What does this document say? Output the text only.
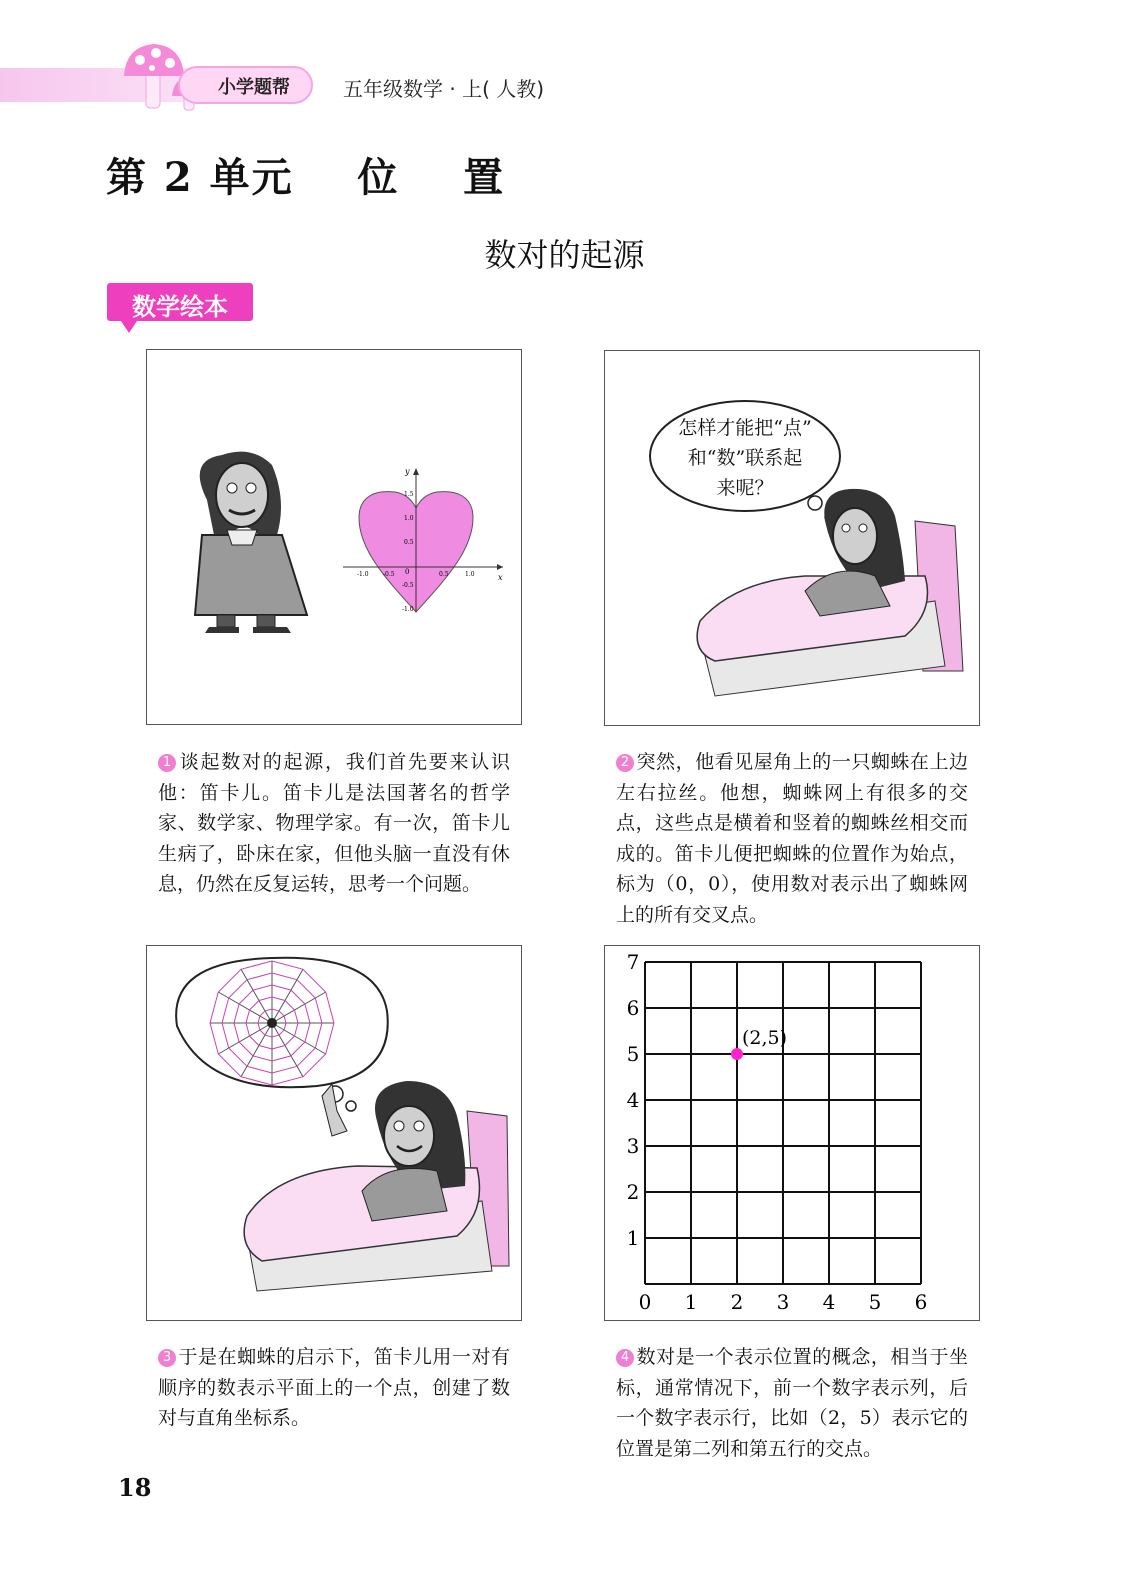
小学题帮	五年级数学 · 上( 人教)
第 2 单元    位    置
数对的起源
数学绘本
-1.0 -0.5	0.5	1.0
1.5
1.0
0.5
-0.5
-1.0
0
x
y
1 谈起数对的起源，我们首先要来认识他：笛卡儿。笛卡儿是法国著名的哲学家、数学家、物理学家。有一次，笛卡儿生病了，卧床在家，但他头脑一直没有休息，仍然在反复运转，思考一个问题。
怎样才能把“点”
和“数”联系起
来呢？
2 突然，他看见屋角上的一只蜘蛛在上边左右拉丝。他想，蜘蛛网上有很多的交点，这些点是横着和竖着的蜘蛛丝相交而成的。笛卡儿便把蜘蛛的位置作为始点，标为（0，0），使用数对表示出了蜘蛛网上的所有交叉点。
3 于是在蜘蛛的启示下，笛卡儿用一对有顺序的数表示平面上的一个点，创建了数对与直角坐标系。
0 1 2 3 4 5 6
1
2
3
4
5
6
7
(2,5)
4 数对是一个表示位置的概念，相当于坐标，通常情况下，前一个数字表示列，后一个数字表示行，比如（2，5）表示它的位置是第二列和第五行的交点。
18
